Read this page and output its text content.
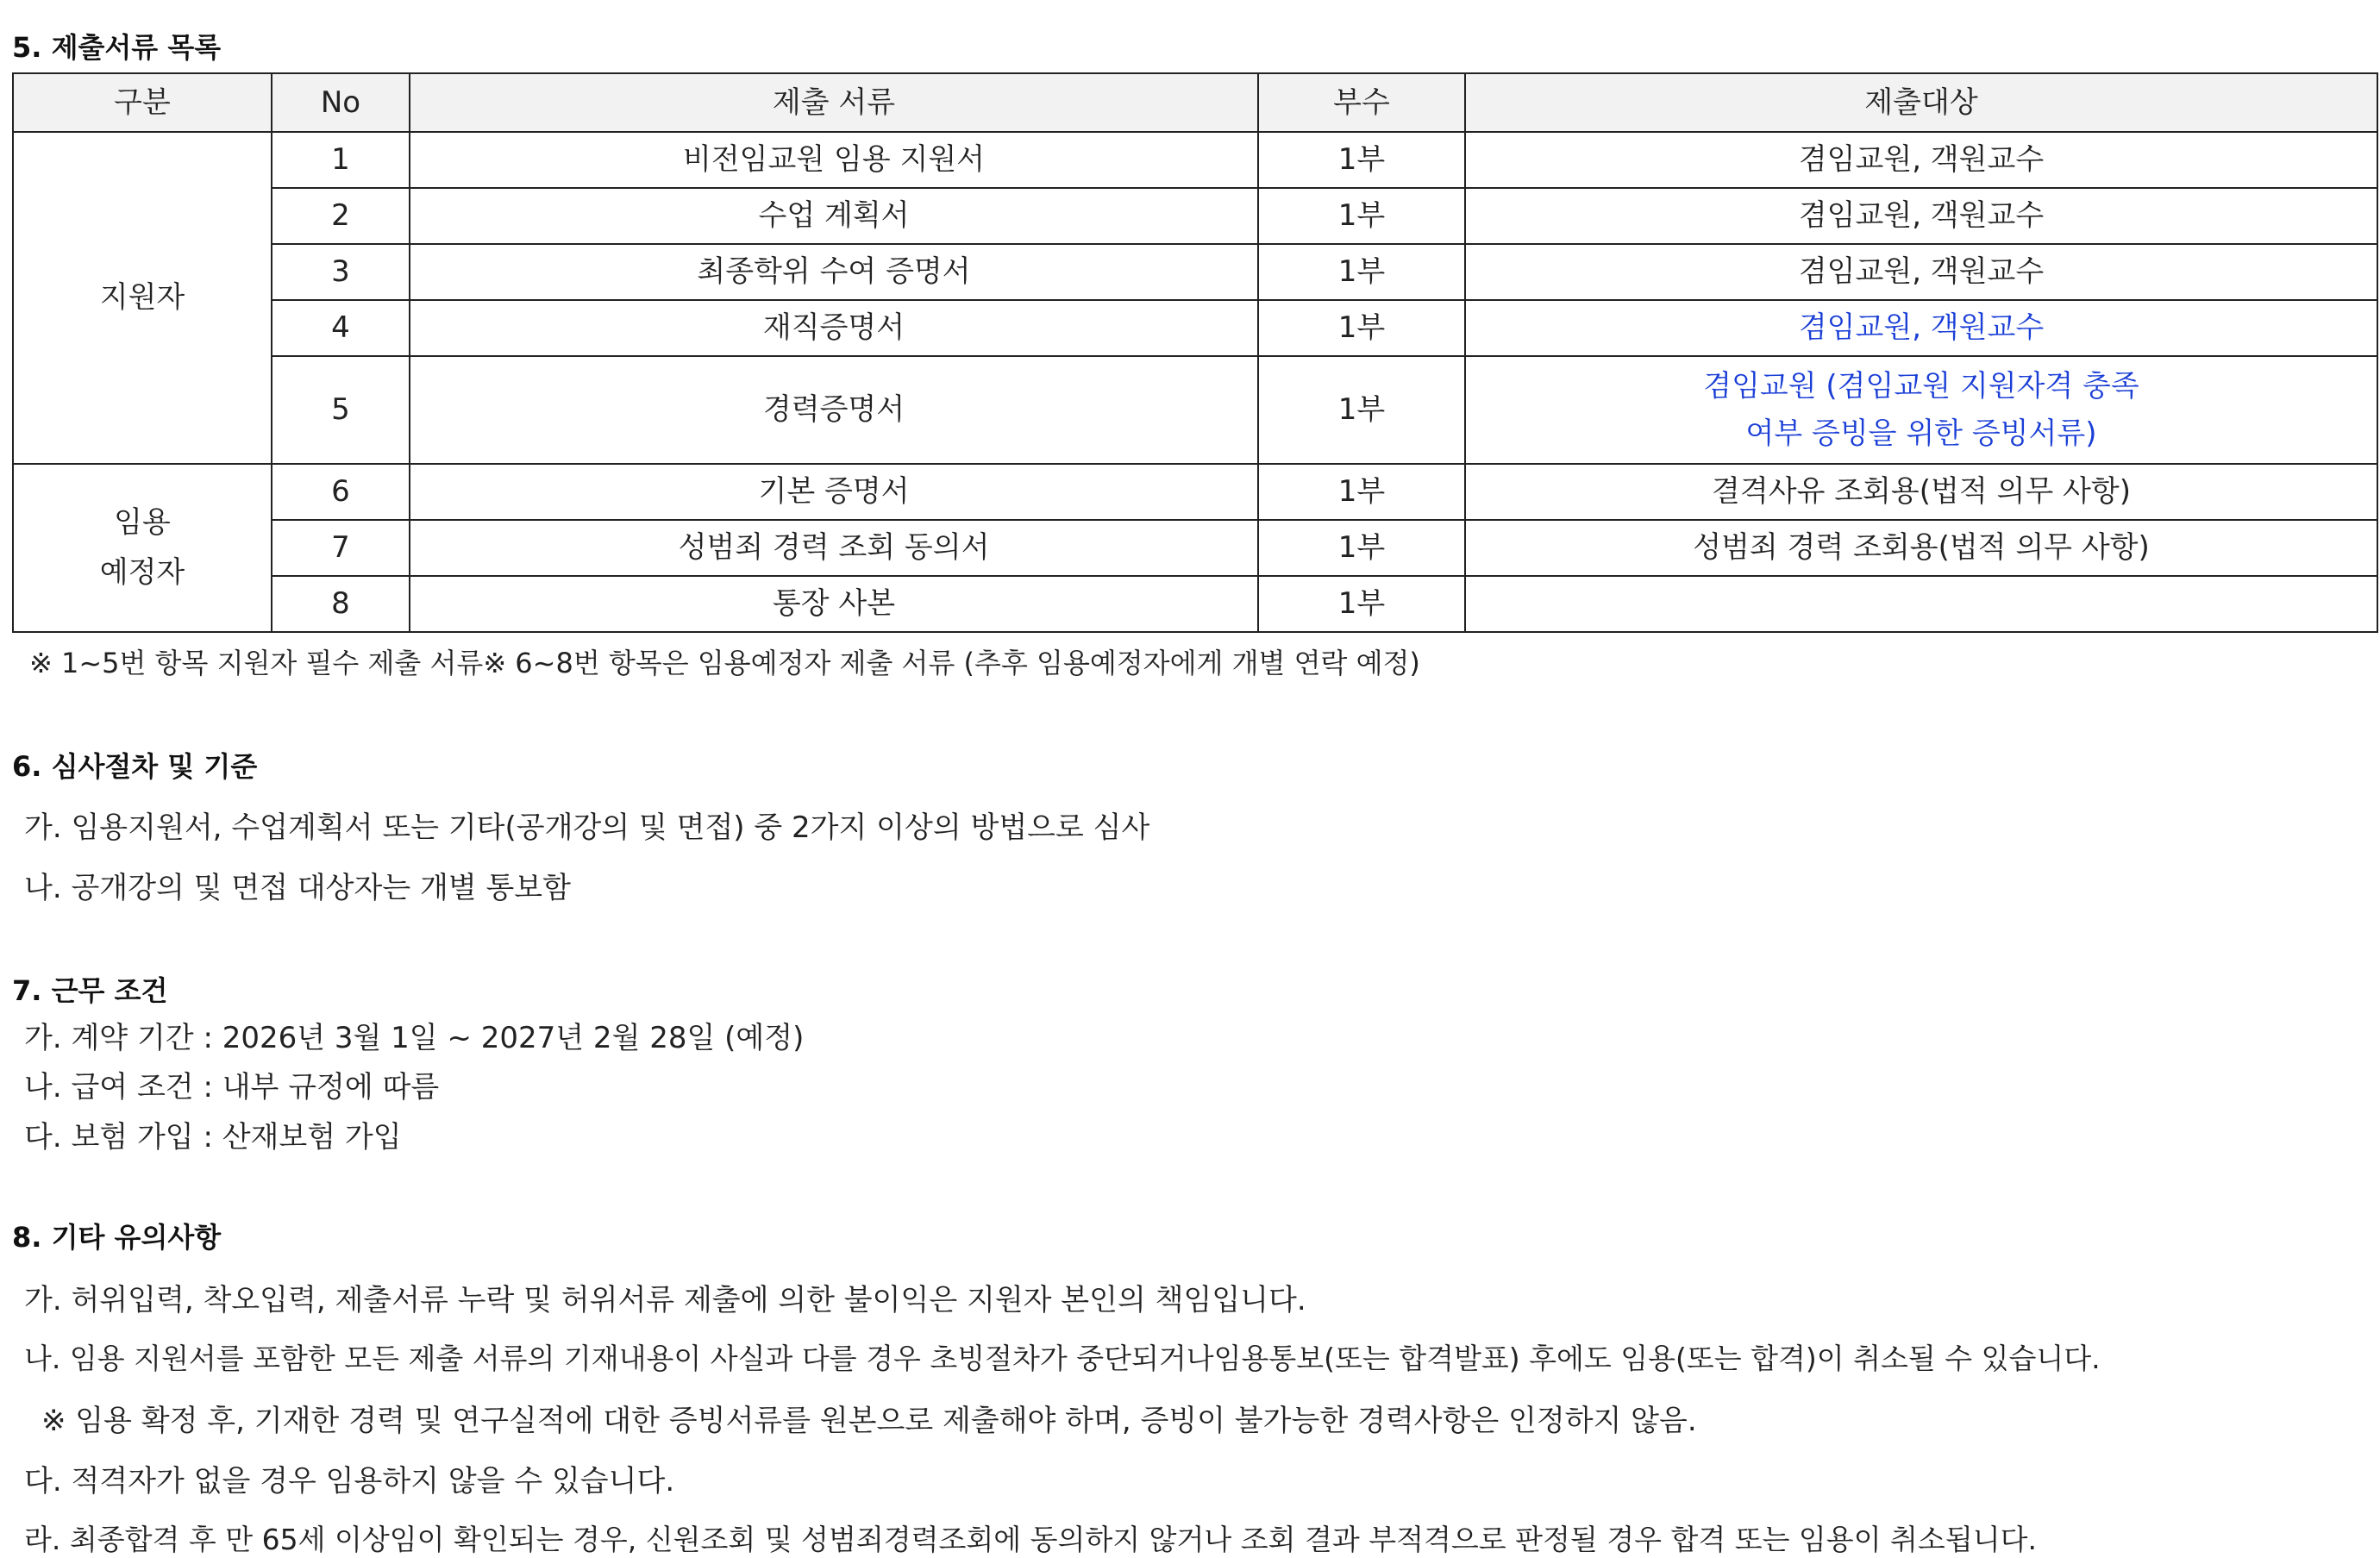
5. 제출서류 목록
구분	No	제출 서류	부수	제출대상

지원자	1	비전임교원 임용 지원서	1부	겸임교원, 객원교수

	2	수업 계획서	1부	겸임교원, 객원교수

	3	최종학위 수여 증명서	1부	겸임교원, 객원교수

	4	재직증명서	1부	겸임교원, 객원교수

	5	경력증명서	1부	겸임교원 (겸임교원 지원자격 충족
여부 증빙을 위한 증빙서류)

임용
예정자	6	기본 증명서	1부	결격사유 조회용(법적 의무 사항)

	7	성범죄 경력 조회 동의서	1부	성범죄 경력 조회용(법적 의무 사항)

	8	통장 사본	1부	
※ 1~5번 항목 지원자 필수 제출 서류※ 6~8번 항목은 임용예정자 제출 서류 (추후 임용예정자에게 개별 연락 예정)
6. 심사절차 및 기준
가. 임용지원서, 수업계획서 또는 기타(공개강의 및 면접) 중 2가지 이상의 방법으로 심사
나. 공개강의 및 면접 대상자는 개별 통보함
7. 근무 조건
가. 계약 기간 : 2026년 3월 1일 ~ 2027년 2월 28일 (예정)
나. 급여 조건 : 내부 규정에 따름
다. 보험 가입 : 산재보험 가입
8. 기타 유의사항
가. 허위입력, 착오입력, 제출서류 누락 및 허위서류 제출에 의한 불이익은 지원자 본인의 책임입니다.
나. 임용 지원서를 포함한 모든 제출 서류의 기재내용이 사실과 다를 경우 초빙절차가 중단되거나임용통보(또는 합격발표) 후에도 임용(또는 합격)이 취소될 수 있습니다.
※ 임용 확정 후, 기재한 경력 및 연구실적에 대한 증빙서류를 원본으로 제출해야 하며, 증빙이 불가능한 경력사항은 인정하지 않음.
다. 적격자가 없을 경우 임용하지 않을 수 있습니다.
라. 최종합격 후 만 65세 이상임이 확인되는 경우, 신원조회 및 성범죄경력조회에 동의하지 않거나 조회 결과 부적격으로 판정될 경우 합격 또는 임용이 취소됩니다.
